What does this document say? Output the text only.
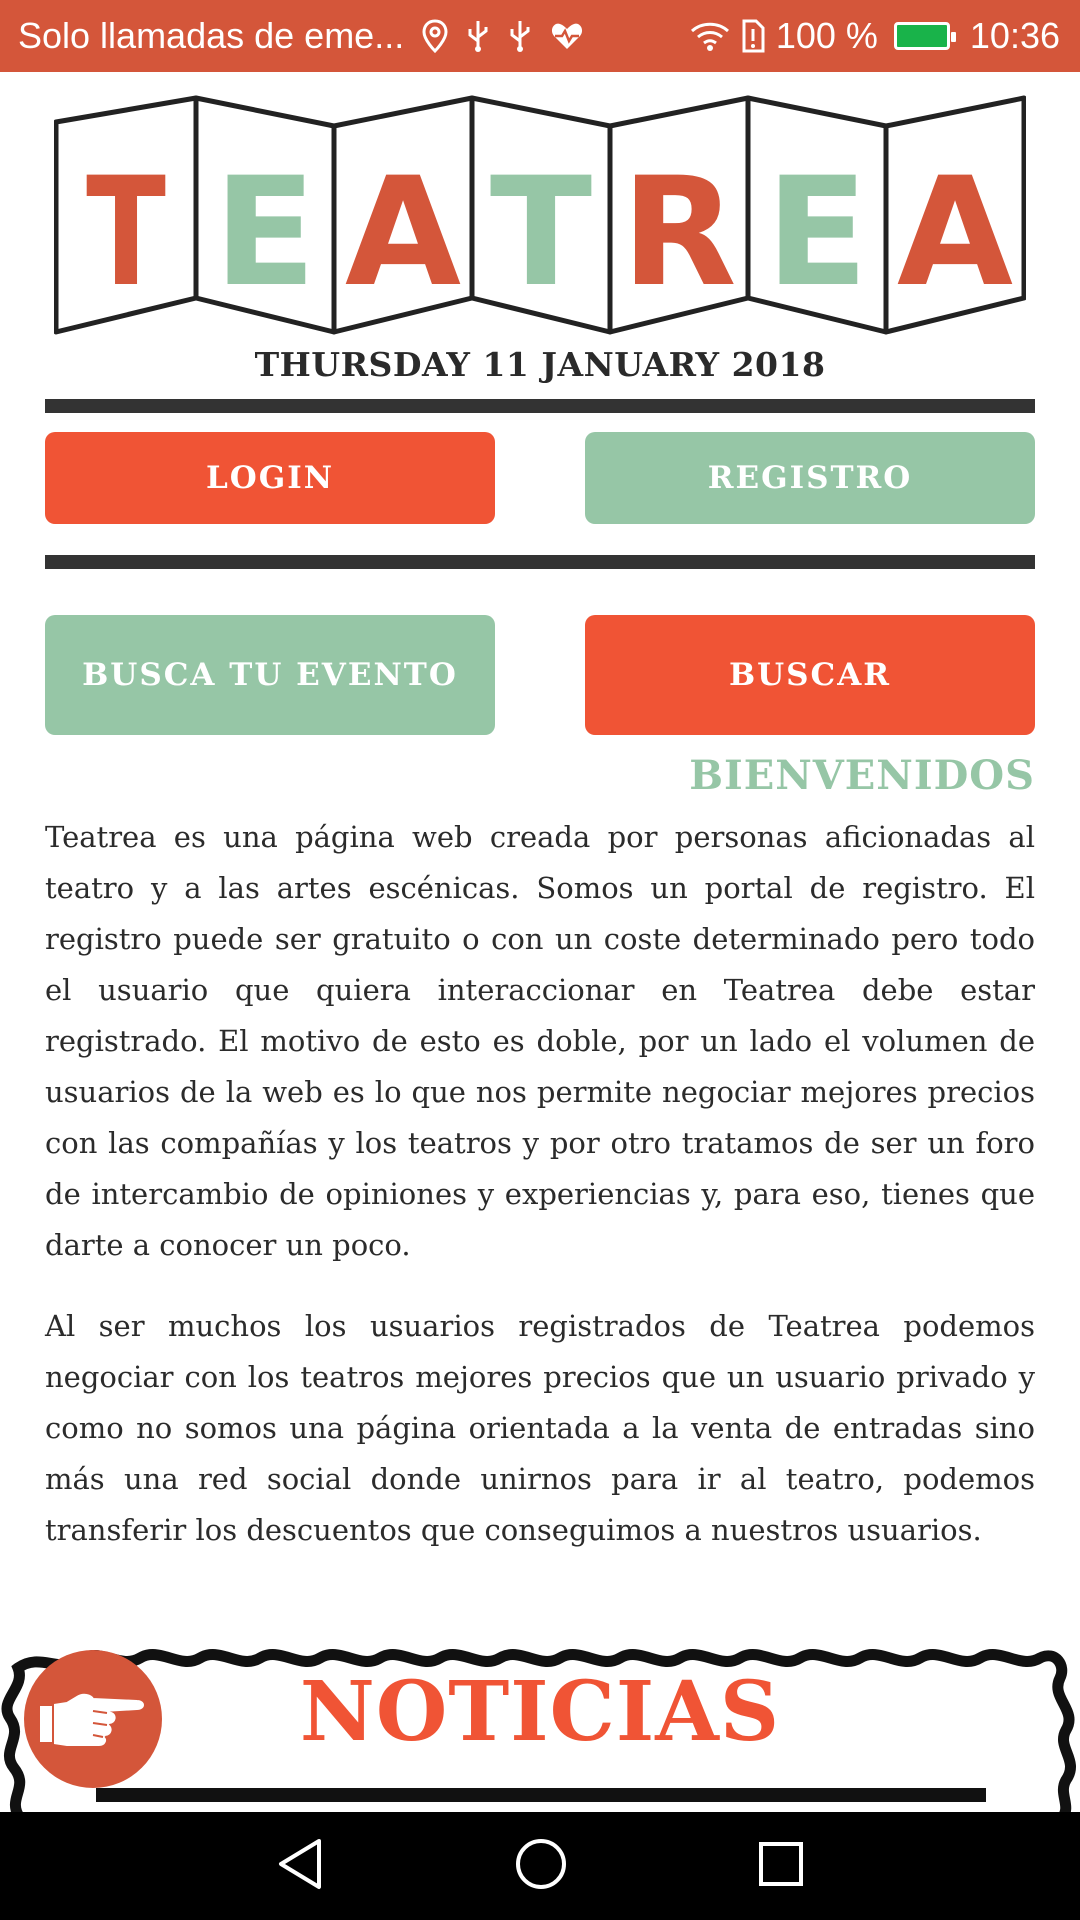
Solo llamadas de eme...	100 %	10:36
T E A T R E A
THURSDAY 11 JANUARY 2018
LOGIN	REGISTRO
BUSCA TU EVENTO	BUSCAR
BIENVENIDOS

Teatrea es una página web creada por personas aficionadas al teatro y a las artes escénicas. Somos un portal de registro. El registro puede ser gratuito o con un coste determinado pero todo el usuario que quiera interaccionar en Teatrea debe estar registrado. El motivo de esto es doble, por un lado el volumen de usuarios de la web es lo que nos permite negociar mejores precios con las compañías y los teatros y por otro tratamos de ser un foro de intercambio de opiniones y experiencias y, para eso, tienes que darte a conocer un poco.

Al ser muchos los usuarios registrados de Teatrea podemos negociar con los teatros mejores precios que un usuario privado y como no somos una página orientada a la venta de entradas sino más una red social donde unirnos para ir al teatro, podemos transferir los descuentos que conseguimos a nuestros usuarios.

NOTICIAS
